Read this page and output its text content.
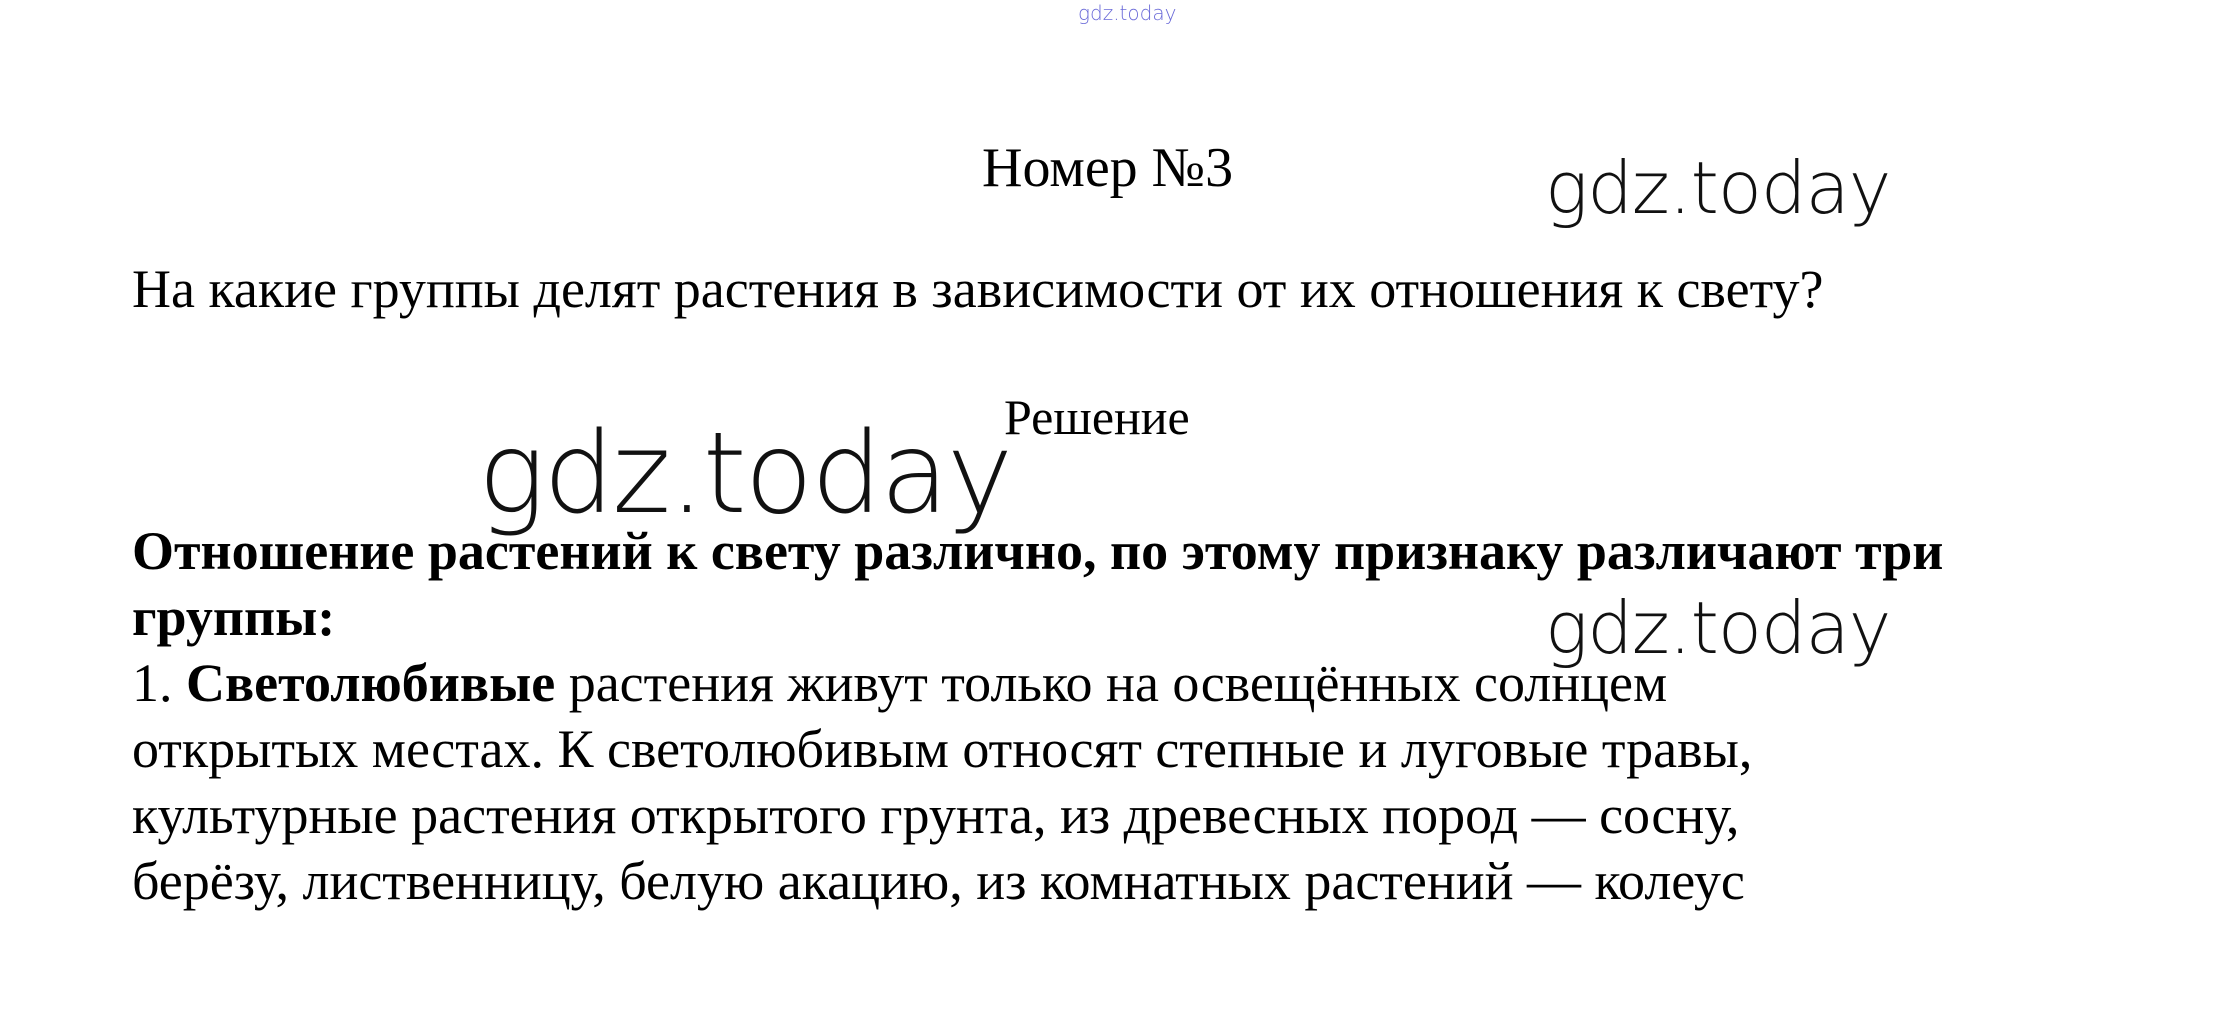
gdz.today
Номер №3	gdz.today
На какие группы делят растения в зависимости от их отношения к свету?
gdz.today
Решение
Отношение растений к свету различно, по этому признаку различают три группы:
1. Светолюбивые растения живут только на освещённых солнцем
открытых местах. К светолюбивым относят степные и луговые травы,
культурные растения открытого грунта, из древесных пород — сосну,
берёзу, лиственницу, белую акацию, из комнатных растений — колеус
gdz.today
